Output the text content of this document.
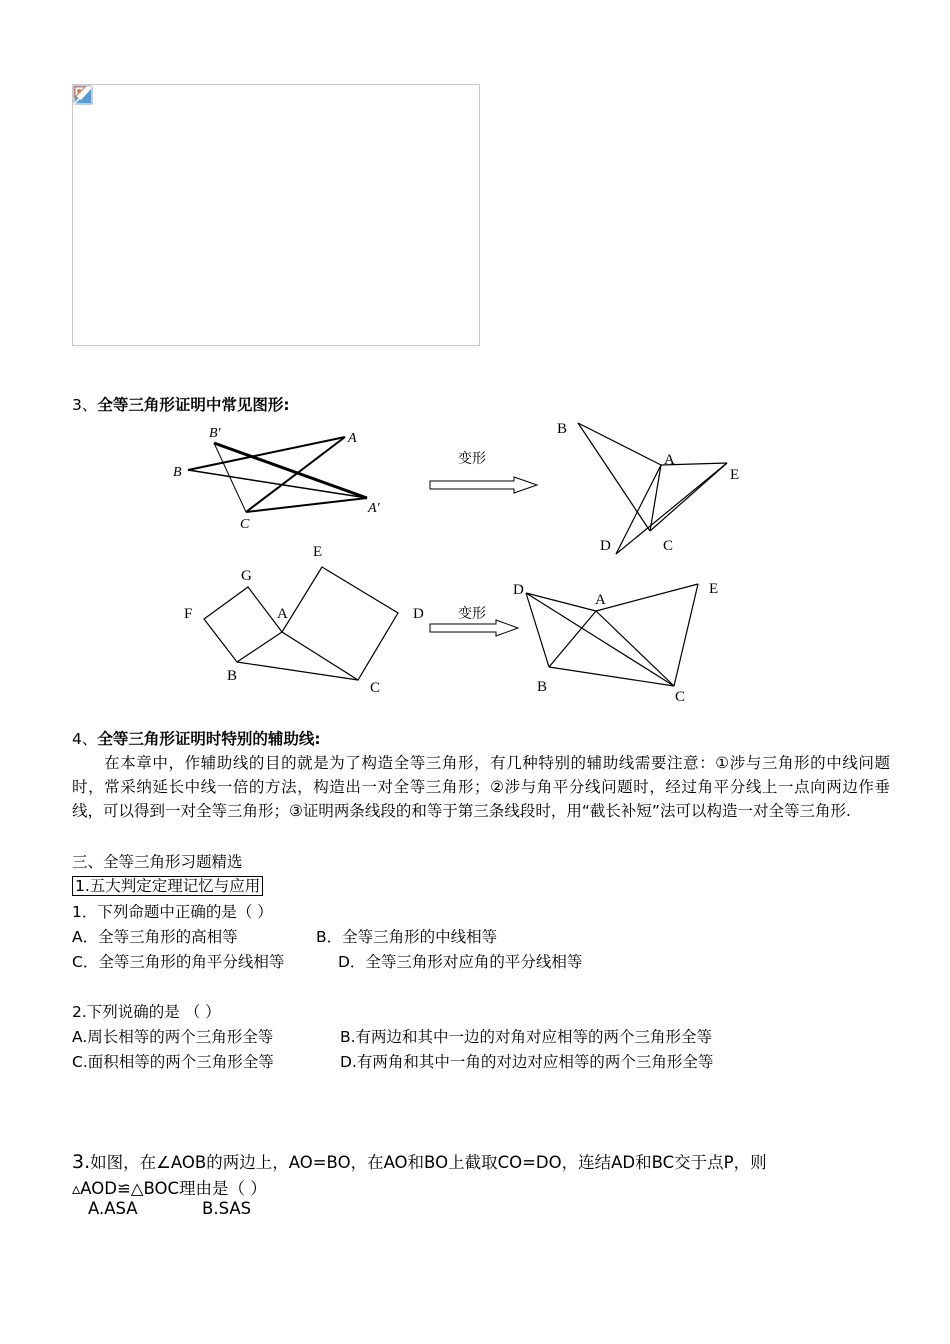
3、全等三角形证明中常见图形:
B'	A
B
A'
C
变形
B
A
E
D	C
E
G
F	A	D
B
C
变形
D
A
E
B
C
4、全等三角形证明时特别的辅助线:
　　在本章中，作辅助线的目的就是为了构造全等三角形，有几种特别的辅助线需要注意：①涉与三角形的中线问题时，常采纳延长中线一倍的方法，构造出一对全等三角形；②涉与角平分线问题时，经过角平分线上一点向两边作垂线，可以得到一对全等三角形；③证明两条线段的和等于第三条线段时，用“截长补短”法可以构造一对全等三角形.
三、全等三角形习题精选
1.五大判定定理记忆与应用
1．下列命题中正确的是（ ）
A．全等三角形的高相等	B．全等三角形的中线相等
C．全等三角形的角平分线相等	D．全等三角形对应角的平分线相等
2.下列说确的是 （ ）
A.周长相等的两个三角形全等	B.有两边和其中一边的对角对应相等的两个三角形全等
C.面积相等的两个三角形全等	D.有两角和其中一角的对边对应相等的两个三角形全等
3.如图，在∠AOB的两边上，AO=BO，在AO和BO上截取CO=DO，连结AD和BC交于点P，则
▵AOD≌△BOC理由是（ ）
A.ASA	B.SAS
